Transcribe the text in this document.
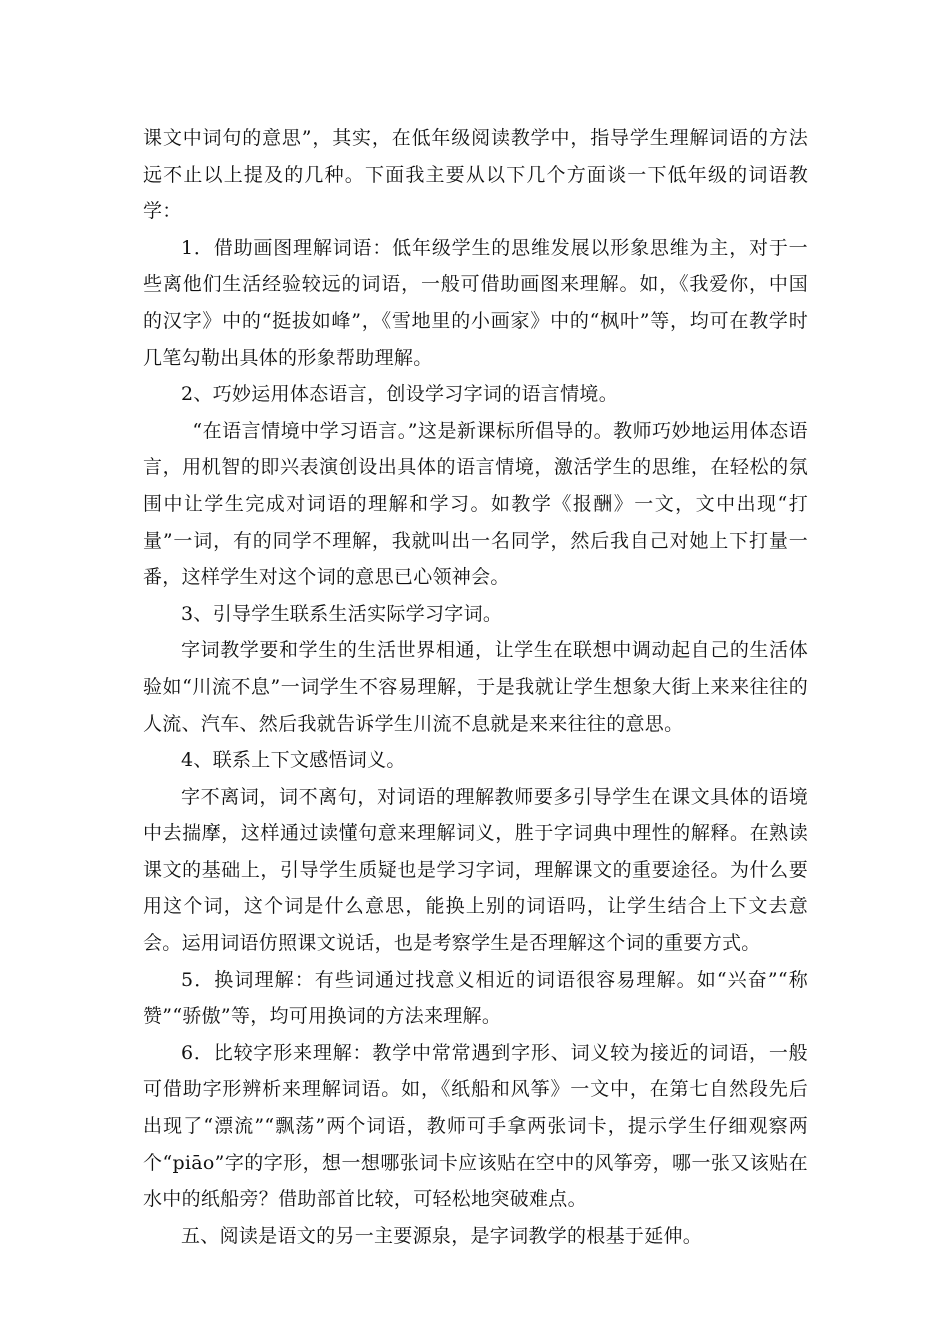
课文中词句的意思”，其实，在低年级阅读教学中，指导学生理解词语的方法远不止以上提及的几种。下面我主要从以下几个方面谈一下低年级的词语教学：

1．借助画图理解词语：低年级学生的思维发展以形象思维为主，对于一些离他们生活经验较远的词语，一般可借助画图来理解。如，《我爱你，中国的汉字》中的“挺拔如峰”，《雪地里的小画家》中的“枫叶”等，均可在教学时几笔勾勒出具体的形象帮助理解。

2、巧妙运用体态语言，创设学习字词的语言情境。

“在语言情境中学习语言。”这是新课标所倡导的。教师巧妙地运用体态语言，用机智的即兴表演创设出具体的语言情境，激活学生的思维，在轻松的氛围中让学生完成对词语的理解和学习。如教学《报酬》一文，文中出现“打量”一词，有的同学不理解，我就叫出一名同学，然后我自己对她上下打量一番，这样学生对这个词的意思已心领神会。

3、引导学生联系生活实际学习字词。

字词教学要和学生的生活世界相通，让学生在联想中调动起自己的生活体验如“川流不息”一词学生不容易理解，于是我就让学生想象大街上来来往往的人流、汽车、然后我就告诉学生川流不息就是来来往往的意思。

4、联系上下文感悟词义。

字不离词，词不离句，对词语的理解教师要多引导学生在课文具体的语境中去揣摩，这样通过读懂句意来理解词义，胜于字词典中理性的解释。在熟读课文的基础上，引导学生质疑也是学习字词，理解课文的重要途径。为什么要用这个词，这个词是什么意思，能换上别的词语吗，让学生结合上下文去意会。运用词语仿照课文说话，也是考察学生是否理解这个词的重要方式。

5．换词理解：有些词通过找意义相近的词语很容易理解。如“兴奋”“称赞”“骄傲”等，均可用换词的方法来理解。

6．比较字形来理解：教学中常常遇到字形、词义较为接近的词语，一般可借助字形辨析来理解词语。如，《纸船和风筝》一文中，在第七自然段先后出现了“漂流”“飘荡”两个词语，教师可手拿两张词卡，提示学生仔细观察两个“piāo”字的字形，想一想哪张词卡应该贴在空中的风筝旁，哪一张又该贴在水中的纸船旁？借助部首比较，可轻松地突破难点。

五、阅读是语文的另一主要源泉，是字词教学的根基于延伸。
